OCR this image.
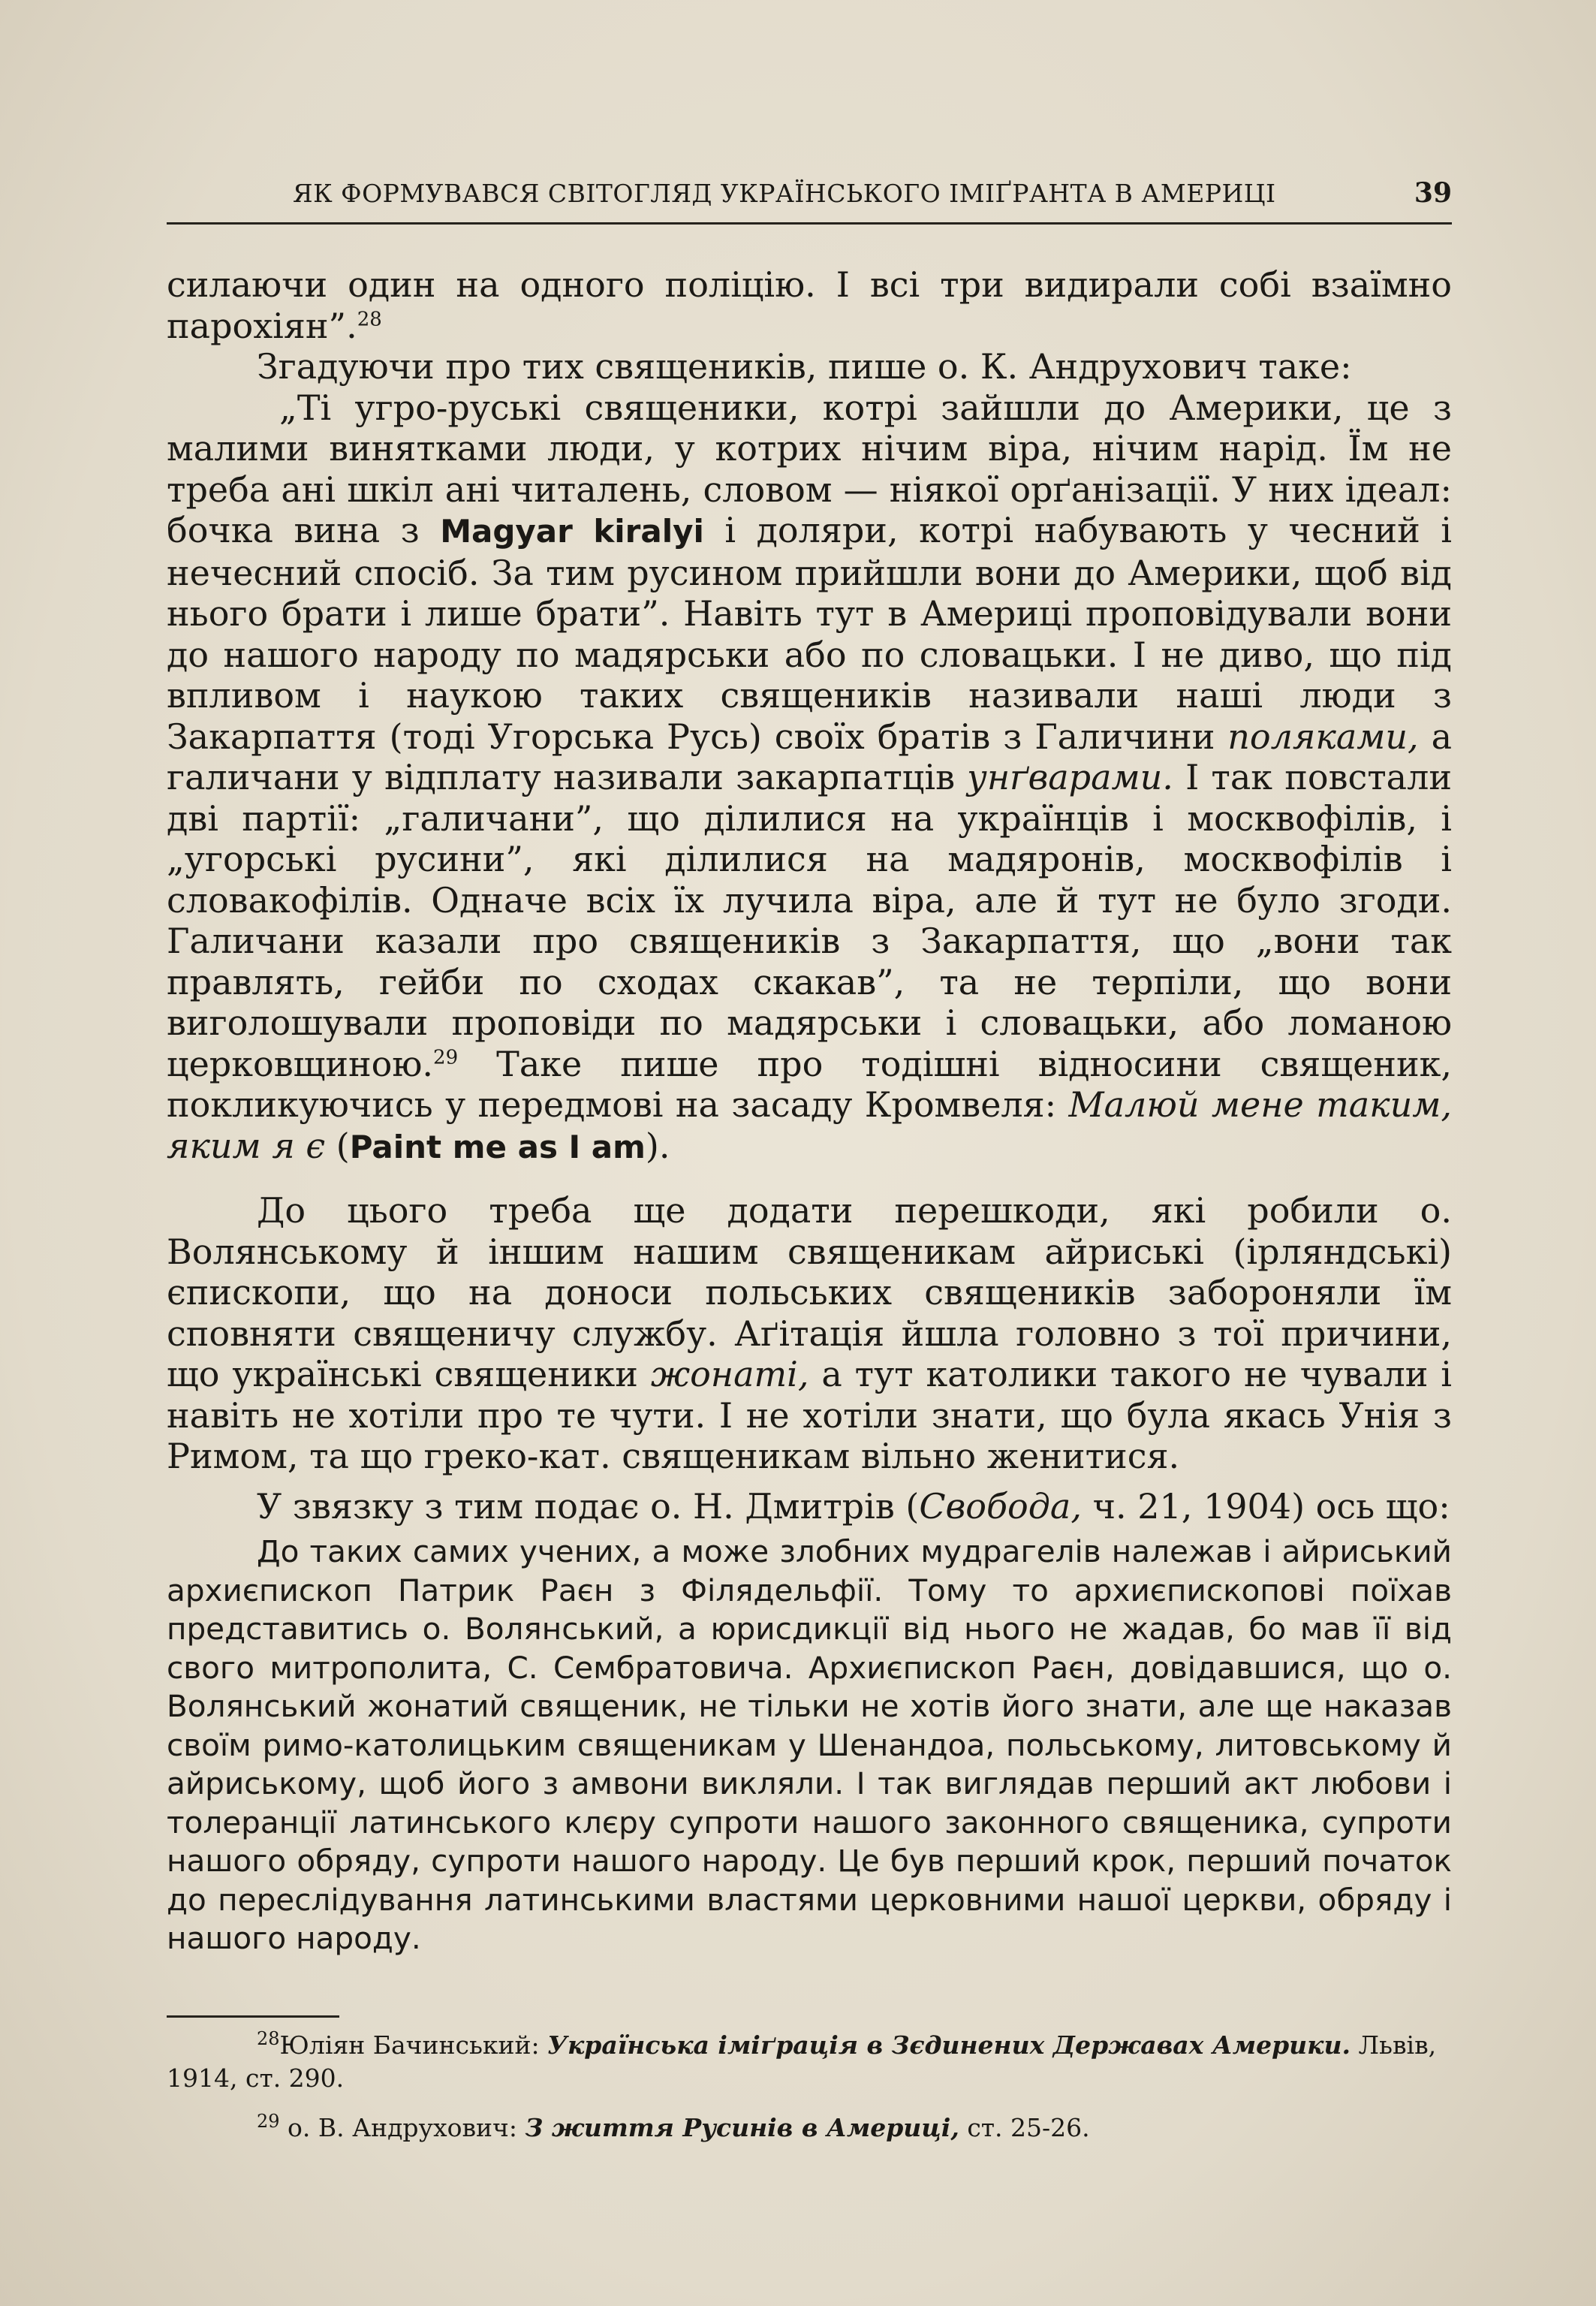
ЯК ФОРМУВАВСЯ СВІТОГЛЯД УКРАЇНСЬКОГО ІМІҐРАНТА В АМЕРИЦІ	39

силаючи один на одного поліцію. І всі три видирали собі взаїмно парохіян”.$^{28}$

Згадуючи про тих священиків, пише о. К. Андрухович таке:

„Ті угро-руські священики, котрі зайшли до Америки, це з малими винятками люди, у котрих нічим віра, нічим нарід. Їм не треба ані шкіл ані читалень, словом — ніякої орґанізації. У них ідеал: бочка вина з Magyar kiralyi і доляри, котрі набувають у чесний і нечесний спосіб. За тим русином прийшли вони до Америки, щоб від нього брати і лише брати”. Навіть тут в Америці проповідували вони до нашого народу по мадярськи або по словацьки. І не диво, що під впливом і наукою таких священиків називали наші люди з Закарпаття (тоді Угорська Русь) своїх братів з Галичини поляками, а галичани у відплату називали закарпатців унґварами. І так повстали дві партії: „галичани”, що ділилися на українців і москвофілів, і „угорські русини”, які ділилися на мадяронів, москвофілів і словакофілів. Одначе всіх їх лучила віра, але й тут не було згоди. Галичани казали про священиків з Закарпаття, що „вони так правлять, гейби по сходах скакав”, та не терпіли, що вони виголошували проповіди по мадярськи і словацьки, або ломаною церковщиною.$^{29}$ Таке пише про тодішні відносини священик, покликуючись у передмові на засаду Кромвеля: Малюй мене таким, яким я є (Paint me as I am).

До цього треба ще додати перешкоди, які робили о. Волянському й іншим нашим священикам айриські (ірляндські) єпископи, що на доноси польських священиків забороняли їм сповняти священичу службу. Аґітація йшла головно з тої причини, що українські священики жонаті, а тут католики такого не чували і навіть не хотіли про те чути. І не хотіли знати, що була якась Унія з Римом, та що греко-кат. священикам вільно женитися.

У звязку з тим подає о. Н. Дмитрів (Свобода, ч. 21, 1904) ось що:

До таких самих учених, а може злобних мудрагелів належав і айриський архиєпископ Патрик Раєн з Філядельфії. Тому то архиєпископові поїхав представитись о. Волянський, а юрисдикції від нього не жадав, бо мав її від свого митрополита, С. Сембратовича. Архиєпископ Раєн, довідавшися, що о. Волянський жонатий священик, не тільки не хотів його знати, але ще наказав своїм римо-католицьким священикам у Шенандоа, польському, литовському й айриському, щоб його з амвони викляли. І так виглядав перший акт любови і толеранції латинського клєру супроти нашого законного священика, супроти нашого обряду, супроти нашого народу. Це був перший крок, перший початок до переслідування латинськими властями церковними нашої церкви, обряду і нашого народу.

$^{28}$Юліян Бачинський: Українська іміґрація в Зєдинених Державах Америки. Львів, 1914, ст. 290.

$^{29}$ о. В. Андрухович: З життя Русинів в Америці, ст. 25-26.
